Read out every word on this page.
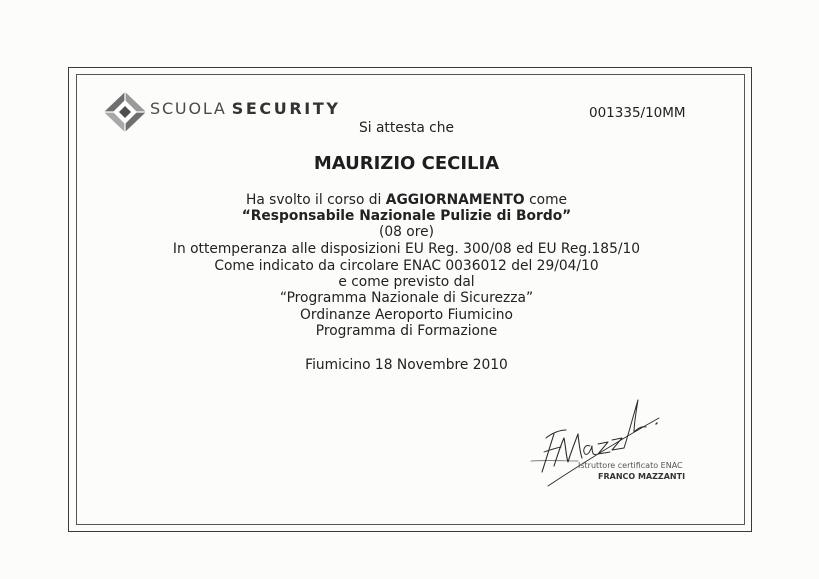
SCUOLA SECURITY	001335/10MM
Si attesta che
MAURIZIO CECILIA
Ha svolto il corso di AGGIORNAMENTO come
“Responsabile Nazionale Pulizie di Bordo”
(08 ore)
In ottemperanza alle disposizioni EU Reg. 300/08 ed EU Reg.185/10
Come indicato da circolare ENAC 0036012 del 29/04/10
e come previsto dal
“Programma Nazionale di Sicurezza”
Ordinanze Aeroporto Fiumicino
Programma di Formazione
Fiumicino 18 Novembre 2010
Istruttore certificato ENAC
FRANCO MAZZANTI
